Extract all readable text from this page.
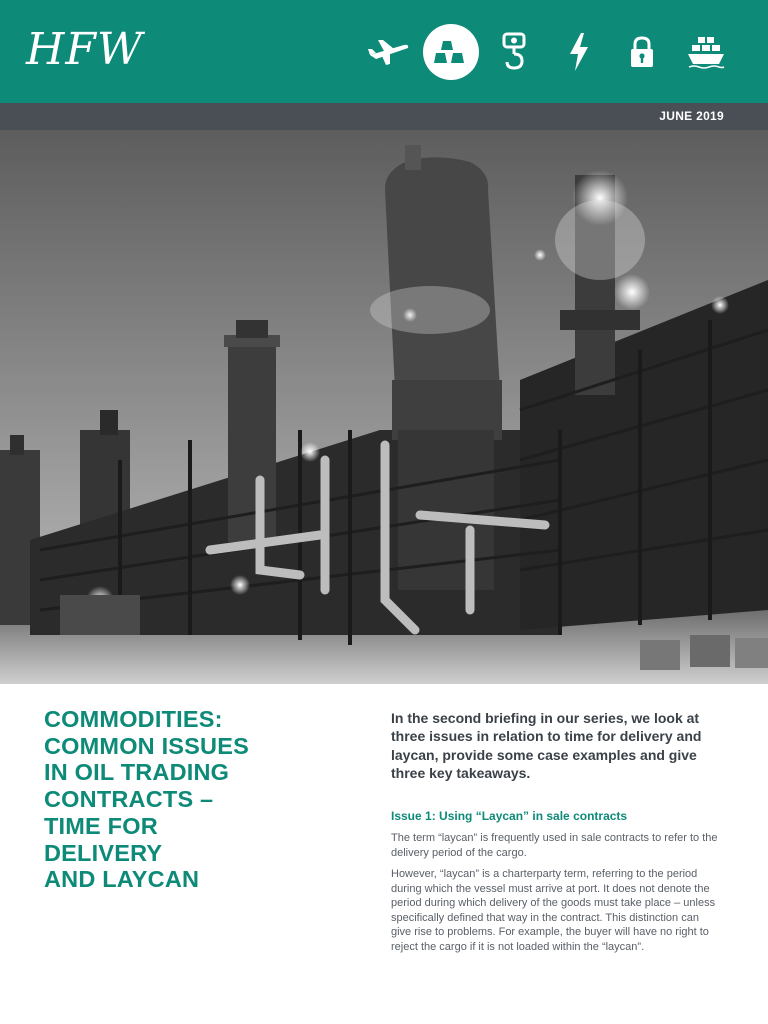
HFW
JUNE 2019
COMMODITIES:
COMMON ISSUES
IN OIL TRADING
CONTRACTS –
TIME FOR
DELIVERY
AND LAYCAN
In the second briefing in our series, we look at three issues in relation to time for delivery and laycan, provide some case examples and give three key takeaways.
Issue 1: Using “Laycan” in sale contracts
The term “laycan” is frequently used in sale contracts to refer to the delivery period of the cargo.
However, “laycan” is a charterparty term, referring to the period during which the vessel must arrive at port. It does not denote the period during which delivery of the goods must take place – unless specifically defined that way in the contract. This distinction can give rise to problems. For example, the buyer will have no right to reject the cargo if it is not loaded within the “laycan”.
